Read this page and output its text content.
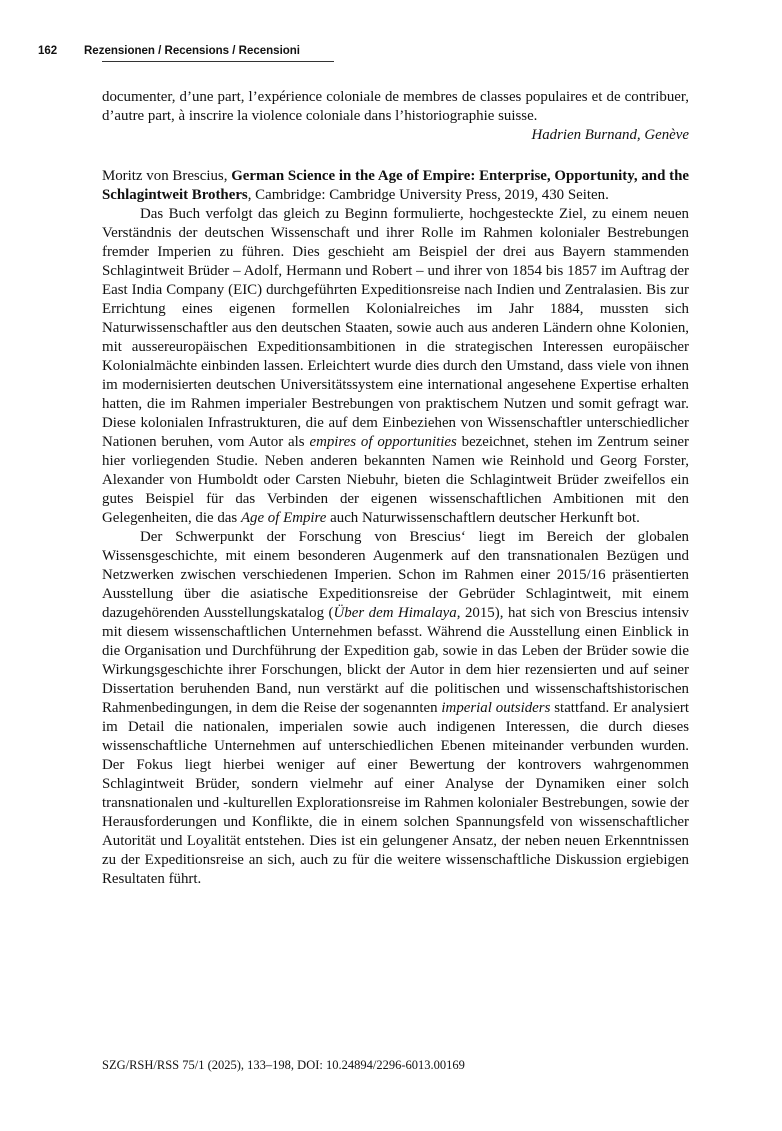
162 Rezensionen / Recensions / Recensioni

documenter, d’une part, l’expérience coloniale de membres de classes populaires et de contribuer, d’autre part, à inscrire la violence coloniale dans l’historiographie suisse.

Hadrien Burnand, Genève

Moritz von Brescius, German Science in the Age of Empire: Enterprise, Opportunity, and the Schlagintweit Brothers, Cambridge: Cambridge University Press, 2019, 430 Seiten.

Das Buch verfolgt das gleich zu Beginn formulierte, hochgesteckte Ziel, zu einem neuen Verständnis der deutschen Wissenschaft und ihrer Rolle im Rahmen kolonialer Bestrebungen fremder Imperien zu führen. Dies geschieht am Beispiel der drei aus Bayern stammenden Schlagintweit Brüder – Adolf, Hermann und Robert – und ihrer von 1854 bis 1857 im Auftrag der East India Company (EIC) durchgeführten Expeditionsreise nach Indien und Zentralasien. Bis zur Errichtung eines eigenen formellen Kolonialreiches im Jahr 1884, mussten sich Naturwissenschaftler aus den deutschen Staaten, sowie auch aus anderen Ländern ohne Kolonien, mit aussereuropäischen Expeditionsambitionen in die strategischen Interessen europäischer Kolonialmächte einbinden lassen. Erleichtert wurde dies durch den Umstand, dass viele von ihnen im modernisierten deutschen Universitätssystem eine international angesehene Expertise erhalten hatten, die im Rahmen imperialer Bestrebungen von praktischem Nutzen und somit gefragt war. Diese kolonialen Infrastrukturen, die auf dem Einbeziehen von Wissenschaftler unterschiedlicher Nationen beruhen, vom Autor als empires of opportunities bezeichnet, stehen im Zentrum seiner hier vorliegenden Studie. Neben anderen bekannten Namen wie Reinhold und Georg Forster, Alexander von Humboldt oder Carsten Niebuhr, bieten die Schlagintweit Brüder zweifellos ein gutes Beispiel für das Verbinden der eigenen wissenschaftlichen Ambitionen mit den Gelegenheiten, die das Age of Empire auch Naturwissenschaftlern deutscher Herkunft bot.

Der Schwerpunkt der Forschung von Brescius‘ liegt im Bereich der globalen Wissensgeschichte, mit einem besonderen Augenmerk auf den transnationalen Bezügen und Netzwerken zwischen verschiedenen Imperien. Schon im Rahmen einer 2015/16 präsentierten Ausstellung über die asiatische Expeditionsreise der Gebrüder Schlagintweit, mit einem dazugehörenden Ausstellungskatalog (Über dem Himalaya, 2015), hat sich von Brescius intensiv mit diesem wissenschaftlichen Unternehmen befasst. Während die Ausstellung einen Einblick in die Organisation und Durchführung der Expedition gab, sowie in das Leben der Brüder sowie die Wirkungsgeschichte ihrer Forschungen, blickt der Autor in dem hier rezensierten und auf seiner Dissertation beruhenden Band, nun verstärkt auf die politischen und wissenschaftshistorischen Rahmenbedingungen, in dem die Reise der sogenannten imperial outsiders stattfand. Er analysiert im Detail die nationalen, imperialen sowie auch indigenen Interessen, die durch dieses wissenschaftliche Unternehmen auf unterschiedlichen Ebenen miteinander verbunden wurden. Der Fokus liegt hierbei weniger auf einer Bewertung der kontrovers wahrgenommen Schlagintweit Brüder, sondern vielmehr auf einer Analyse der Dynamiken einer solch transnationalen und -kulturellen Explorationsreise im Rahmen kolonialer Bestrebungen, sowie der Herausforderungen und Konflikte, die in einem solchen Spannungsfeld von wissenschaftlicher Autorität und Loyalität entstehen. Dies ist ein gelungener Ansatz, der neben neuen Erkenntnissen zu der Expeditionsreise an sich, auch zu für die weitere wissenschaftliche Diskussion ergiebigen Resultaten führt.

SZG/RSH/RSS 75/1 (2025), 133–198, DOI: 10.24894/2296-6013.00169
